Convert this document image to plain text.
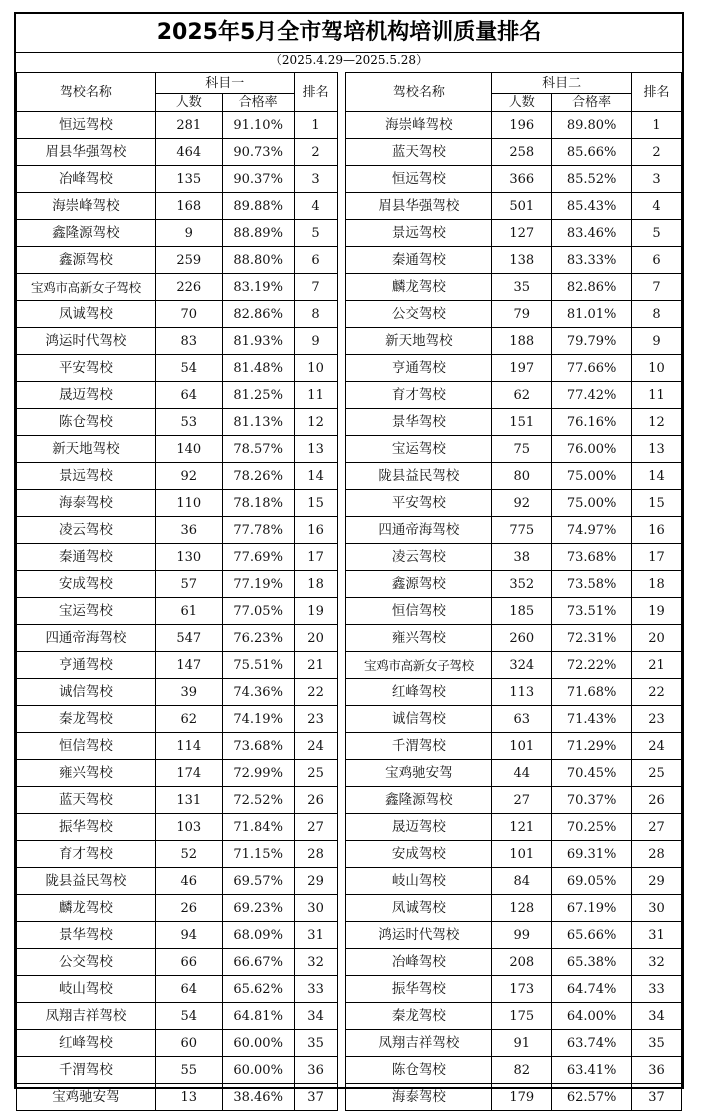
2025年5月全市驾培机构培训质量排名
（2025.4.29—2025.5.28）
驾校名称	科目一		排名		驾校名称	科目二		排名
	人数	合格率				人数	合格率	
恒远驾校	281	91.10%	1		海崇峰驾校	196	89.80%	1
眉县华强驾校	464	90.73%	2		蓝天驾校	258	85.66%	2
冶峰驾校	135	90.37%	3		恒远驾校	366	85.52%	3
海崇峰驾校	168	89.88%	4		眉县华强驾校	501	85.43%	4
鑫隆源驾校	9	88.89%	5		景远驾校	127	83.46%	5
鑫源驾校	259	88.80%	6		秦通驾校	138	83.33%	6
宝鸡市高新女子驾校	226	83.19%	7		麟龙驾校	35	82.86%	7
凤诚驾校	70	82.86%	8		公交驾校	79	81.01%	8
鸿运时代驾校	83	81.93%	9		新天地驾校	188	79.79%	9
平安驾校	54	81.48%	10		亨通驾校	197	77.66%	10
晟迈驾校	64	81.25%	11		育才驾校	62	77.42%	11
陈仓驾校	53	81.13%	12		景华驾校	151	76.16%	12
新天地驾校	140	78.57%	13		宝运驾校	75	76.00%	13
景远驾校	92	78.26%	14		陇县益民驾校	80	75.00%	14
海泰驾校	110	78.18%	15		平安驾校	92	75.00%	15
凌云驾校	36	77.78%	16		四通帝海驾校	775	74.97%	16
秦通驾校	130	77.69%	17		凌云驾校	38	73.68%	17
安成驾校	57	77.19%	18		鑫源驾校	352	73.58%	18
宝运驾校	61	77.05%	19		恒信驾校	185	73.51%	19
四通帝海驾校	547	76.23%	20		雍兴驾校	260	72.31%	20
亨通驾校	147	75.51%	21		宝鸡市高新女子驾校	324	72.22%	21
诚信驾校	39	74.36%	22		红峰驾校	113	71.68%	22
秦龙驾校	62	74.19%	23		诚信驾校	63	71.43%	23
恒信驾校	114	73.68%	24		千渭驾校	101	71.29%	24
雍兴驾校	174	72.99%	25		宝鸡驰安驾	44	70.45%	25
蓝天驾校	131	72.52%	26		鑫隆源驾校	27	70.37%	26
振华驾校	103	71.84%	27		晟迈驾校	121	70.25%	27
育才驾校	52	71.15%	28		安成驾校	101	69.31%	28
陇县益民驾校	46	69.57%	29		岐山驾校	84	69.05%	29
麟龙驾校	26	69.23%	30		凤诚驾校	128	67.19%	30
景华驾校	94	68.09%	31		鸿运时代驾校	99	65.66%	31
公交驾校	66	66.67%	32		冶峰驾校	208	65.38%	32
岐山驾校	64	65.62%	33		振华驾校	173	64.74%	33
凤翔吉祥驾校	54	64.81%	34		秦龙驾校	175	64.00%	34
红峰驾校	60	60.00%	35		凤翔吉祥驾校	91	63.74%	35
千渭驾校	55	60.00%	36		陈仓驾校	82	63.41%	36
宝鸡驰安驾	13	38.46%	37		海泰驾校	179	62.57%	37
